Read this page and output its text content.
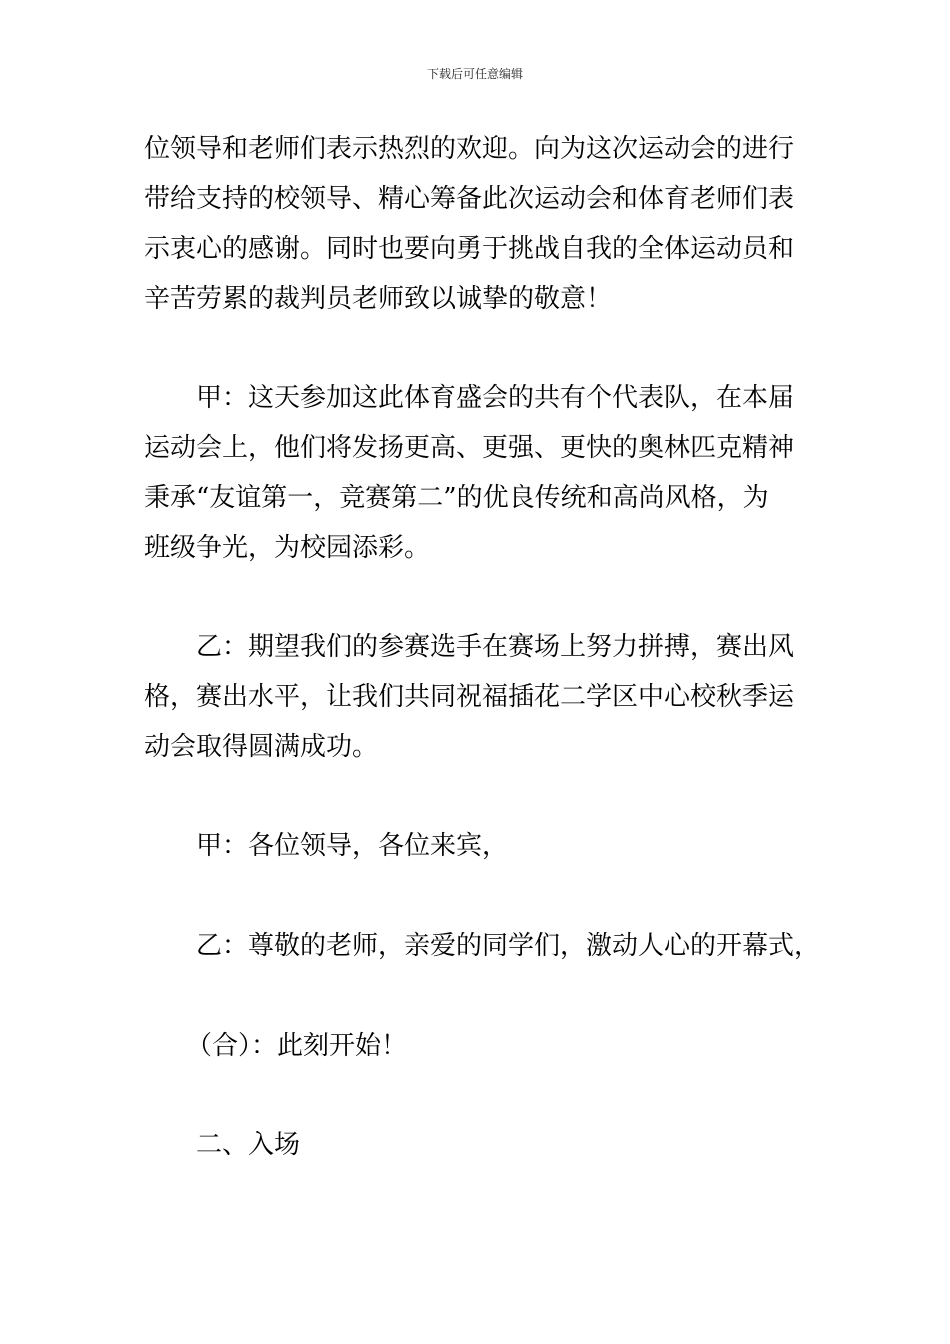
下载后可任意编辑
位领导和老师们表示热烈的欢迎。向为这次运动会的进行
带给支持的校领导、精心筹备此次运动会和体育老师们表
示衷心的感谢。同时也要向勇于挑战自我的全体运动员和
辛苦劳累的裁判员老师致以诚挚的敬意！
甲：这天参加这此体育盛会的共有个代表队，在本届
运动会上，他们将发扬更高、更强、更快的奥林匹克精神
秉承“友谊第一，竞赛第二”的优良传统和高尚风格，为
班级争光，为校园添彩。
乙：期望我们的参赛选手在赛场上努力拼搏，赛出风
格，赛出水平，让我们共同祝福插花二学区中心校秋季运
动会取得圆满成功。
甲：各位领导，各位来宾，
乙：尊敬的老师，亲爱的同学们，激动人心的开幕式，
（合）：此刻开始！
二、入场
